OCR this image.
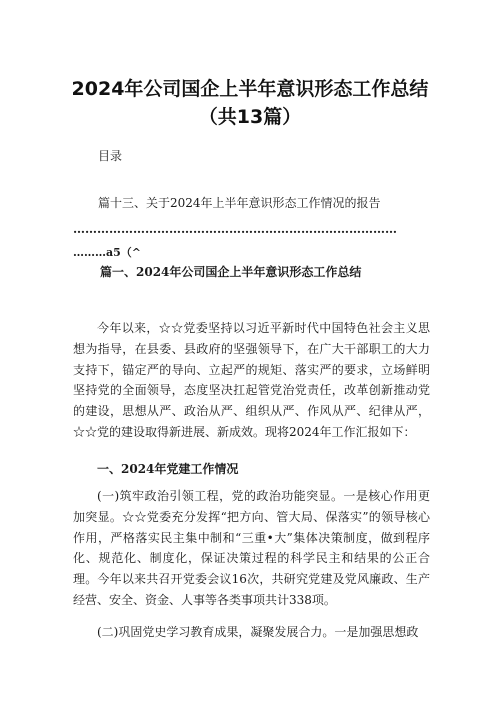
2024年公司国企上半年意识形态工作总结
（共13篇）
目录
篇十三、关于2024年上半年意识形态工作情况的报告
………………………………………………………………………
………a5（^
篇一、2024年公司国企上半年意识形态工作总结

今年以来，☆☆党委坚持以习近平新时代中国特色社会主义思想为指导，在县委、县政府的坚强领导下，在广大干部职工的大力支持下，锚定严的导向、立起严的规矩、落实严的要求，立场鲜明坚持党的全面领导，态度坚决扛起管党治党责任，改革创新推动党的建设，思想从严、政治从严、组织从严、作风从严、纪律从严，☆☆党的建设取得新进展、新成效。现将2024年工作汇报如下：

一、2024年党建工作情况

(一)筑牢政治引领工程，党的政治功能突显。一是核心作用更加突显。☆☆党委充分发挥“把方向、管大局、保落实”的领导核心作用，严格落实民主集中制和“三重•大”集体决策制度，做到程序化、规范化、制度化，保证决策过程的科学民主和结果的公正合理。今年以来共召开党委会议16次，共研究党建及党风廉政、生产经营、安全、资金、人事等各类事项共计338项。

(二)巩固党史学习教育成果，凝聚发展合力。一是加强思想政
